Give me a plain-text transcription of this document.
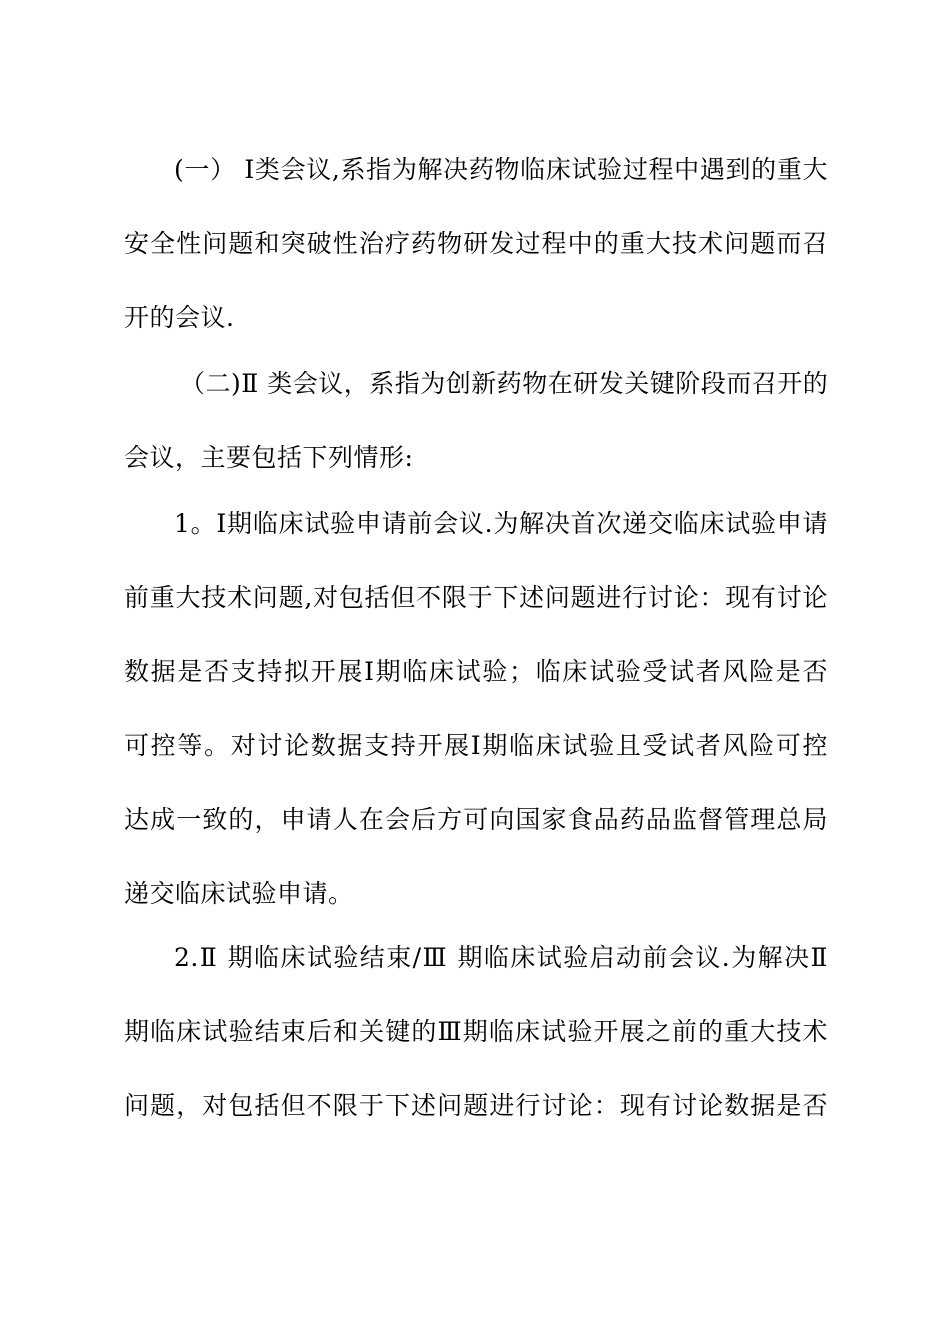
(一） Ⅰ类会议,系指为解决药物临床试验过程中遇到的重大
安全性问题和突破性治疗药物研发过程中的重大技术问题而召
开的会议.
（二)Ⅱ 类会议，系指为创新药物在研发关键阶段而召开的
会议，主要包括下列情形:
1。Ⅰ期临床试验申请前会议.为解决首次递交临床试验申请
前重大技术问题,对包括但不限于下述问题进行讨论：现有讨论
数据是否支持拟开展Ⅰ期临床试验；临床试验受试者风险是否
可控等。对讨论数据支持开展Ⅰ期临床试验且受试者风险可控
达成一致的，申请人在会后方可向国家食品药品监督管理总局
递交临床试验申请。
2.Ⅱ 期临床试验结束/Ⅲ 期临床试验启动前会议.为解决Ⅱ
期临床试验结束后和关键的Ⅲ期临床试验开展之前的重大技术
问题，对包括但不限于下述问题进行讨论：现有讨论数据是否
